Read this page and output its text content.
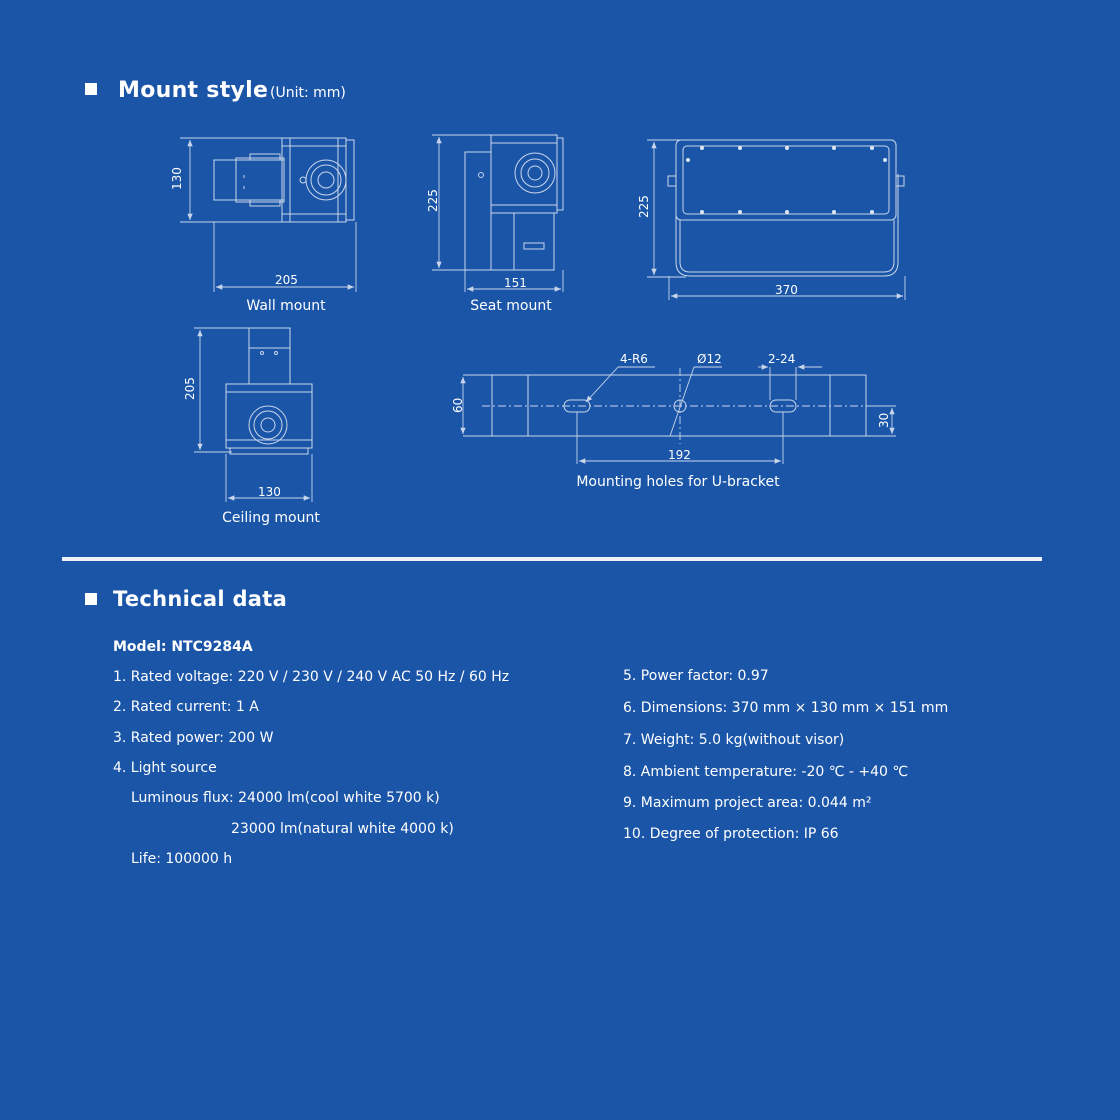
Mount style (Unit: mm)
130
205
225
151
225
370
205
130
60
30
192
4-R6	Ø12	2-24
Wall mount	Seat mount
Ceiling mount
Mounting holes for U-bracket
Technical data
Model: NTC9284A
1. Rated voltage: 220 V / 230 V / 240 V AC 50 Hz / 60 Hz
2. Rated current: 1 A
3. Rated power: 200 W
4. Light source
Luminous flux: 24000 lm(cool white 5700 k)
23000 lm(natural white 4000 k)
Life: 100000 h
5. Power factor: 0.97
6. Dimensions: 370 mm × 130 mm × 151 mm
7. Weight: 5.0 kg(without visor)
8. Ambient temperature: -20 ℃ - +40 ℃
9. Maximum project area: 0.044 m²
10. Degree of protection: IP 66
